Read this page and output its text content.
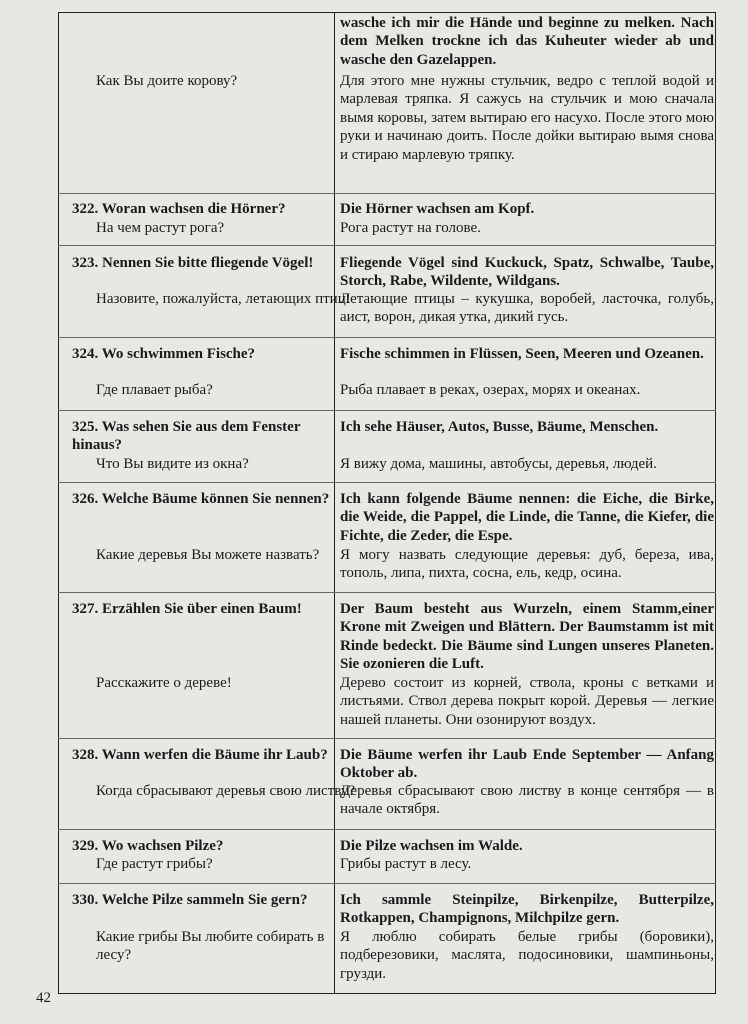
wasche ich mir die Hände und beginne zu melken. Nach dem Melken trockne ich das Kuheuter wieder ab und wasche den Gazelappen.
Как Вы доите корову?	Для этого мне нужны стульчик, ведро с теплой водой и марлевая тряпка. Я сажусь на стульчик и мою сначала вымя коровы, затем вытираю его насухо. После этого мою руки и начинаю доить. После дойки вытираю вымя снова и стираю марлевую тряпку.
322. Woran wachsen die Hörner?
На чем растут рога?
Die Hörner wachsen am Kopf.
Рога растут на голове.
323. Nennen Sie bitte fliegende Vögel!
Назовите, пожалуйста, летающих птиц!
Fliegende Vögel sind Kuckuck, Spatz, Schwalbe, Taube, Storch, Rabe, Wildente, Wildgans.
Летающие птицы – кукушка, воробей, ласточка, голубь, аист, ворон, дикая утка, дикий гусь.
324. Wo schwimmen Fische?
Где плавает рыба?
Fische schimmen in Flüssen, Seen, Meeren und Ozeanen.
Рыба плавает в реках, озерах, морях и океанах.
325. Was sehen Sie aus dem Fenster hinaus?
Что Вы видите из окна?
Ich sehe Häuser, Autos, Busse, Bäume, Menschen.
Я вижу дома, машины, автобусы, деревья, людей.
326. Welche Bäume können Sie nennen?
Какие деревья Вы можете назвать?
Ich kann folgende Bäume nennen: die Eiche, die Birke, die Weide, die Pappel, die Linde, die Tanne, die Kiefer, die Fichte, die Zeder, die Espe.
Я могу назвать следующие деревья: дуб, береза, ива, тополь, липа, пихта, сосна, ель, кедр, осина.
327. Erzählen Sie über einen Baum!
Расскажите о дереве!
Der Baum besteht aus Wurzeln, einem Stamm,einer Krone mit Zweigen und Blättern. Der Baumstamm ist mit Rinde bedeckt. Die Bäume sind Lungen unseres Planeten. Sie ozonieren die Luft.
Дерево состоит из корней, ствола, кроны с ветками и листьями. Ствол дерева покрыт корой. Деревья — легкие нашей планеты. Они озонируют воздух.
328. Wann werfen die Bäume ihr Laub?
Когда сбрасывают деревья свою листву?
Die Bäume werfen ihr Laub Ende September — Anfang Oktober ab.
Деревья сбрасывают свою листву в конце сентября — в начале октября.
329. Wo wachsen Pilze?
Где растут грибы?
Die Pilze wachsen im Walde.
Грибы растут в лесу.
330. Welche Pilze sammeln Sie gern?
Какие грибы Вы любите собирать в лесу?
Ich sammle Steinpilze, Birkenpilze, Butterpilze, Rotkappen, Champignons, Milchpilze gern.
Я люблю собирать белые грибы (боровики), подберезовики, маслята, подосиновики, шампиньоны, грузди.
42
